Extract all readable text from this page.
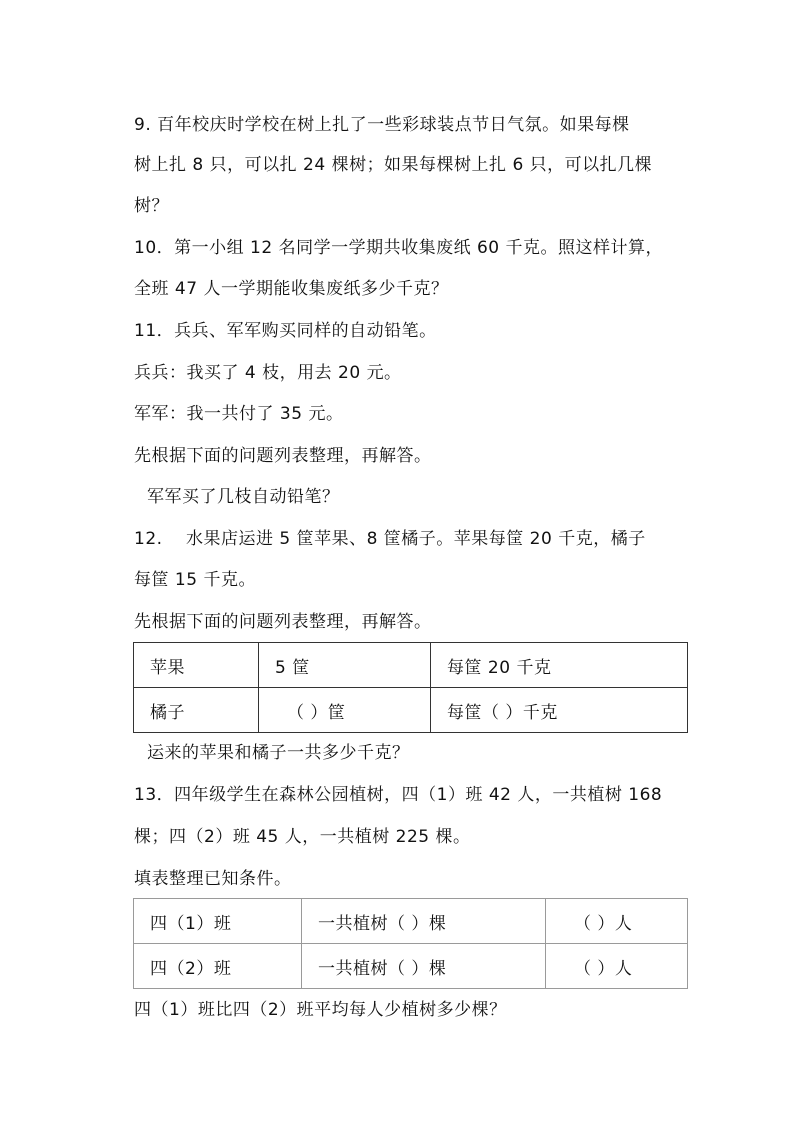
9. 百年校庆时学校在树上扎了一些彩球装点节日气氛。如果每棵
树上扎 8 只，可以扎 24 棵树；如果每棵树上扎 6 只，可以扎几棵
树？
10．第一小组 12 名同学一学期共收集废纸 60 千克。照这样计算，
全班 47 人一学期能收集废纸多少千克？
11．兵兵、军军购买同样的自动铅笔。
兵兵：我买了 4 枝，用去 20 元。
军军：我一共付了 35 元。
先根据下面的问题列表整理，再解答。
军军买了几枝自动铅笔？
12.　 水果店运进 5 筐苹果、8 筐橘子。苹果每筐 20 千克，橘子
每筐 15 千克。
先根据下面的问题列表整理，再解答。
苹果	5 筐	每筐 20 千克
橘子	（ ）筐	每筐（ ）千克
运来的苹果和橘子一共多少千克？
13．四年级学生在森林公园植树，四（1）班 42 人，一共植树 168
棵；四（2）班 45 人，一共植树 225 棵。
填表整理已知条件。
四（1）班	一共植树（ ）棵	（ ）人
四（2）班	一共植树（ ）棵	（ ）人
四（1）班比四（2）班平均每人少植树多少棵？
